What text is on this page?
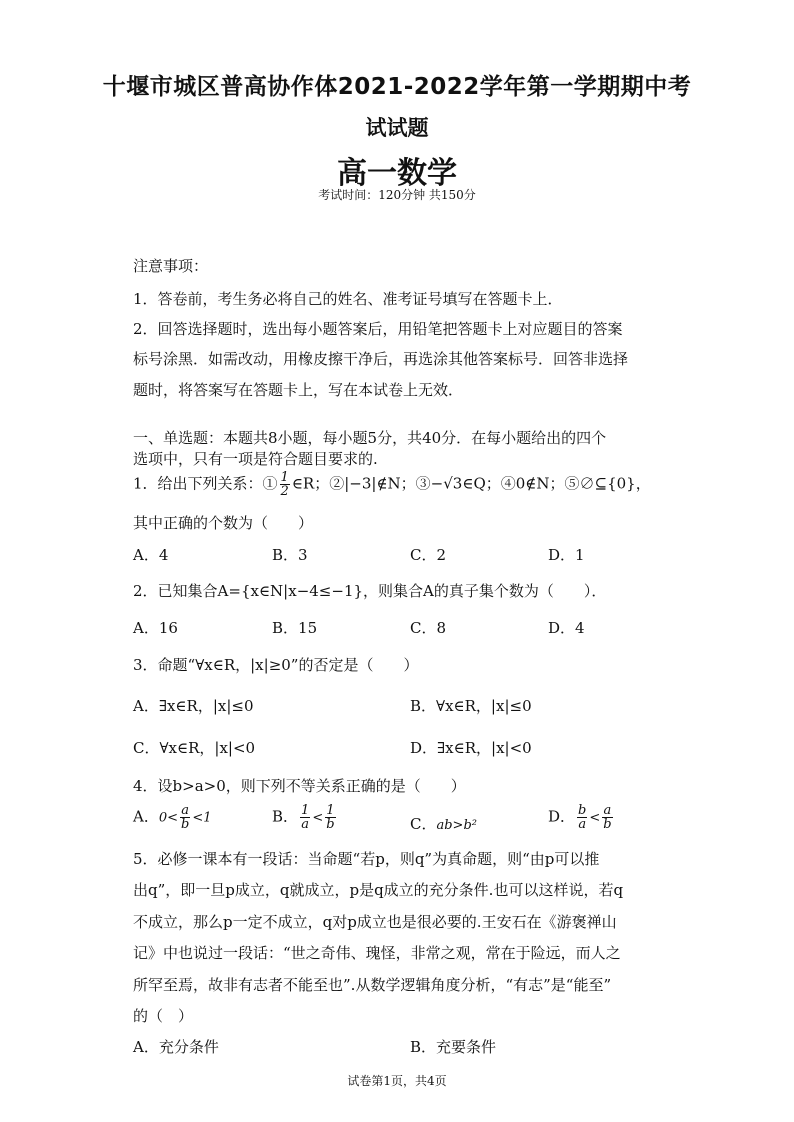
十堰市城区普高协作体2021-2022学年第一学期期中考
试试题
高一数学
考试时间：120分钟 共150分
注意事项：
1．答卷前，考生务必将自己的姓名、准考证号填写在答题卡上．
2．回答选择题时，选出每小题答案后，用铅笔把答题卡上对应题目的答案
标号涂黑．如需改动，用橡皮擦干净后，再选涂其他答案标号．回答非选择
题时，将答案写在答题卡上，写在本试卷上无效．
一、单选题：本题共8小题，每小题5分，共40分．在每小题给出的四个
选项中，只有一项是符合题目要求的.
1．给出下列关系：① $\frac{1}{2}$ ∈R；②|−3|∉N；③−√3∈Q；④0∉N；⑤∅⊆{0}，
其中正确的个数为（　　）
A．4	B．3	C．2	D．1
2．已知集合A={x∈N|x−4≤−1}，则集合A的真子集个数为（　　）．
A．16	B．15	C．8	D．4
3．命题“∀x∈R，|x|≥0”的否定是（　　）
A．∃x∈R，|x|≤0	B．∀x∈R，|x|≤0
C．∀x∈R，|x|<0	D．∃x∈R，|x|<0
4．设b>a>0，则下列不等关系正确的是（　　）
A．$0< \frac{a}{b} <1$	B． $\frac{1}{a} < \frac{1}{b}$	C．ab>b²	D． $\frac{b}{a} < \frac{a}{b}$
5．必修一课本有一段话：当命题“若p，则q”为真命题，则“由p可以推
出q”，即一旦p成立，q就成立，p是q成立的充分条件.也可以这样说，若q
不成立，那么p一定不成立，q对p成立也是很必要的.王安石在《游褒禅山
记》中也说过一段话：“世之奇伟、瑰怪，非常之观，常在于险远，而人之
所罕至焉，故非有志者不能至也”.从数学逻辑角度分析，“有志”是“能至”
的（　）
A．充分条件	B．充要条件
试卷第1页，共4页
